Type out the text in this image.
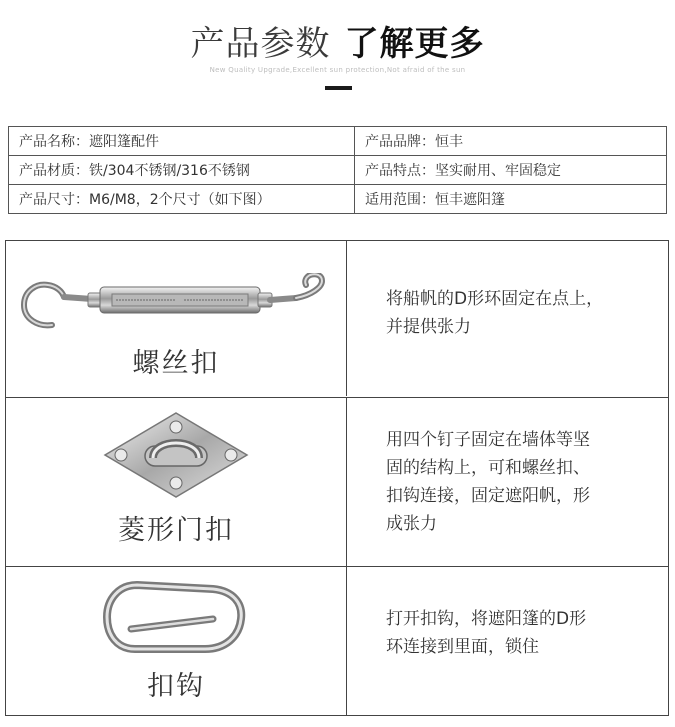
产品参数 了解更多
New Quality Upgrade,Excellent sun protection,Not afraid of the sun
产品名称：遮阳篷配件	产品品牌：恒丰
产品材质：铁/304不锈钢/316不锈钢	产品特点：坚实耐用、牢固稳定
产品尺寸：M6/M8，2个尺寸（如下图）	适用范围：恒丰遮阳篷
螺丝扣
将船帆的D形环固定在点上，
并提供张力
菱形门扣
用四个钉子固定在墙体等坚
固的结构上，可和螺丝扣、
扣钩连接，固定遮阳帆，形
成张力
扣钩
打开扣钩，将遮阳篷的D形
环连接到里面，锁住
